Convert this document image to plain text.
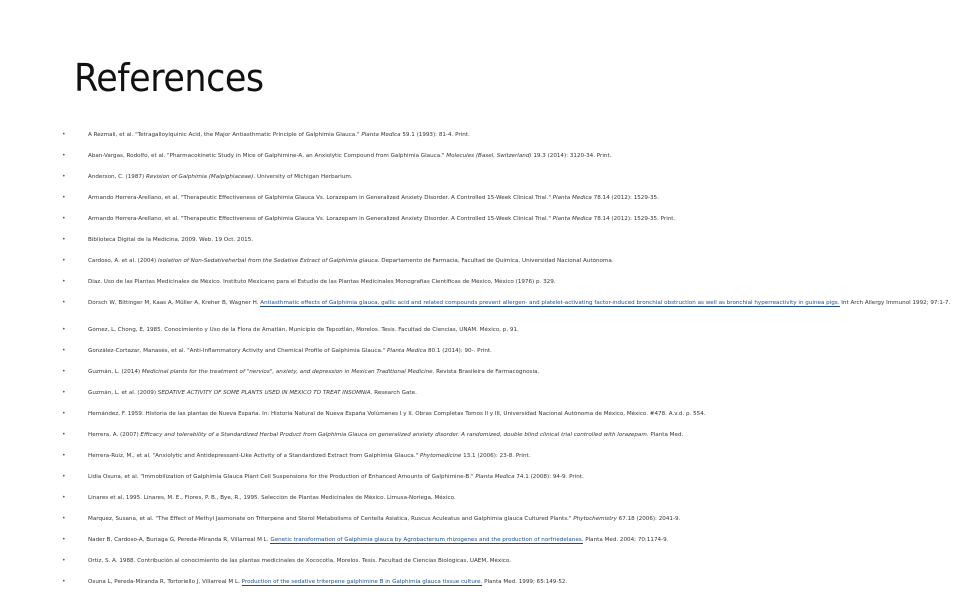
References
•	A Rezmali, et al. "Tetragalloylquinic Acid, the Major Antiasthmatic Principle of Galphimia Glauca." Planta Medica 59.1 (1993): 81-4. Print.
•	Aban-Vargas, Rodolfo, et al. "Pharmacokinetic Study in Mice of Galphimine-A, an Anxiolytic Compound from Galphimia Glauca." Molecules (Basel, Switzerland) 19.3 (2014): 3120-34. Print.
•	Anderson, C. (1987) Revision of Galphimia (Malpighiaceae). University of Michigan Herbarium.
•	Armando Herrera-Arellano, et al. "Therapeutic Effectiveness of Galphimia Glauca Vs. Lorazepam in Generalized Anxiety Disorder. A Controlled 15-Week Clinical Trial." Planta Medica 78.14 (2012): 1529-35.
•	Armando Herrera-Arellano, et al. "Therapeutic Effectiveness of Galphimia Glauca Vs. Lorazepam in Generalized Anxiety Disorder. A Controlled 15-Week Clinical Trial." Planta Medica 78.14 (2012): 1529-35. Print.
•	Biblioteca Digital de la Medicina, 2009. Web. 19 Oct. 2015.
•	Cardoso, A. et al. (2004) Isolation of Non-Sedativeherbal from the Sedative Extract of Galphimia glauca. Departamento de Farmacia, Facultad de Química, Universidad Nacional Autónoma.
•	Díaz. Uso de las Plantas Medicinales de México. Instituto Mexicano para el Estudio de las Plantas Medicinales Monografías Científicas de México, México (1976) p. 329.
•	Dorsch W, Bittinger M, Kaas A, Müller A, Kreher B, Wagner H. Antiasthmatic effects of Galphimia glauca, gallic acid and related compounds prevent allergen- and platelet-activating factor-induced bronchial obstruction as well as bronchial hyperreactivity in guinea pigs. Int Arch Allergy Immunol 1992; 97:1-7.
•	Gómez, L, Chong, E, 1985. Conocimiento y Uso de la Flora de Amatlán, Municipio de Tepoztlán, Morelos. Tesis. Facultad de Ciencias, UNAM. México, p. 91.
•	González-Cortazar, Manasés, et al. "Anti-Inflammatory Activity and Chemical Profile of Galphimia Glauca." Planta Medica 80.1 (2014): 90-. Print.
•	Guzmán, L. (2014) Medicinal plants for the treatment of "nervios", anxiety, and depression in Mexican Traditional Medicine. Revista Brasileira de Farmacognosia.
•	Guzmán, L. et al. (2009) SEDATIVE ACTIVITY OF SOME PLANTS USED IN MEXICO TO TREAT INSOMNIA. Research Gate.
•	Hernández, F. 1959. Historia de las plantas de Nueva España. In: Historia Natural de Nueva España Volúmenes I y II. Obras Completas Tomos II y III, Universidad Nacional Autónoma de México, México. #478. A.v.d. p. 554.
•	Herrera, A. (2007) Efficacy and tolerability of a Standardized Herbal Product from Galphimia Glauca on generalized anxiety disorder. A randomized, double blind clinical trial controlled with lorazepam. Planta Med.
•	Herrera-Ruiz, M., et al. "Anxiolytic and Antidepressant-Like Activity of a Standardized Extract from Galphimia Glauca." Phytomedicine 13.1 (2006): 23-8. Print.
•	Lidia Osuna, et al. "Immobilization of Galphimia Glauca Plant Cell Suspensions for the Production of Enhanced Amounts of Galphimine-B." Planta Medica 74.1 (2008): 94-9. Print.
•	Linares et al, 1995. Linares, M. E., Flores, P. B., Bye, R., 1995. Selección de Plantas Medicinales de México. Limusa-Noriega, México.
•	Marquez, Susana, et al. "The Effect of Methyl Jasmonate on Triterpene and Sterol Metabolisms of Centella Asiatica, Ruscus Aculeatus and Galphimia glauca Cultured Plants." Phytochemistry 67.18 (2006): 2041-9.
•	Nader B, Cardoso-A, Buriaga G, Pereda-Miranda R, Villarreal M L. Genetic transformation of Galphimia glauca by Agrobacterium rhizogenes and the production of norfriedelanes. Planta Med. 2004; 70:1174-9.
•	Ortiz, S. A. 1988. Contribución al conocimiento de las plantas medicinales de Xococotla, Morelos. Tesis. Facultad de Ciencias Biológicas, UAEM, México.
•	Osuna L, Pereda-Miranda R, Tortoriello J, Villarreal M L. Production of the sedative triterpene galphimine B in Galphimia glauca tissue culture. Planta Med. 1999; 65:149-52.
